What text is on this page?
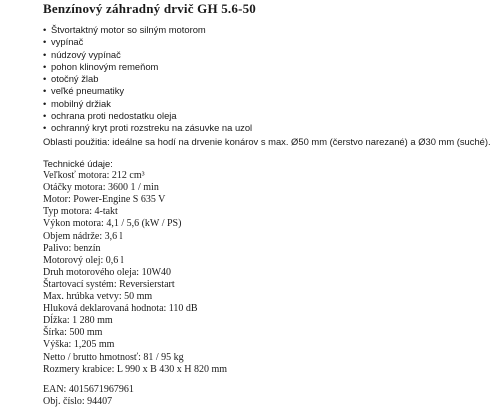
Benzínový záhradný drvič GH 5.6-50
• Štvortaktný motor so silným motorom
• vypínač
• núdzový vypínač
• pohon klinovým remeňom
• otočný žlab
• veľké pneumatiky
• mobilný držiak
• ochrana proti nedostatku oleja
• ochranný kryt proti rozstreku na zásuvke na uzol
Oblasti použitia: ideálne sa hodí na drvenie konárov s max. Ø50 mm (čerstvo narezané) a Ø30 mm (suché).
Technické údaje:
Veľkosť motora: 212 cm³
Otáčky motora: 3600 1 / min
Motor: Power-Engine S 635 V
Typ motora: 4-takt
Výkon motora: 4,1 / 5,6 (kW / PS)
Objem nádrže: 3,6 l
Palivo: benzín
Motorový olej: 0,6 l
Druh motorového oleja: 10W40
Štartovací systém: Reversierstart
Max. hrúbka vetvy: 50 mm
Hluková deklarovaná hodnota: 110 dB
Dĺžka: 1 280 mm
Šírka: 500 mm
Výška: 1,205 mm
Netto / brutto hmotnosť: 81 / 95 kg
Rozmery krabice: L 990 x B 430 x H 820 mm
EAN: 4015671967961
Obj. číslo: 94407
